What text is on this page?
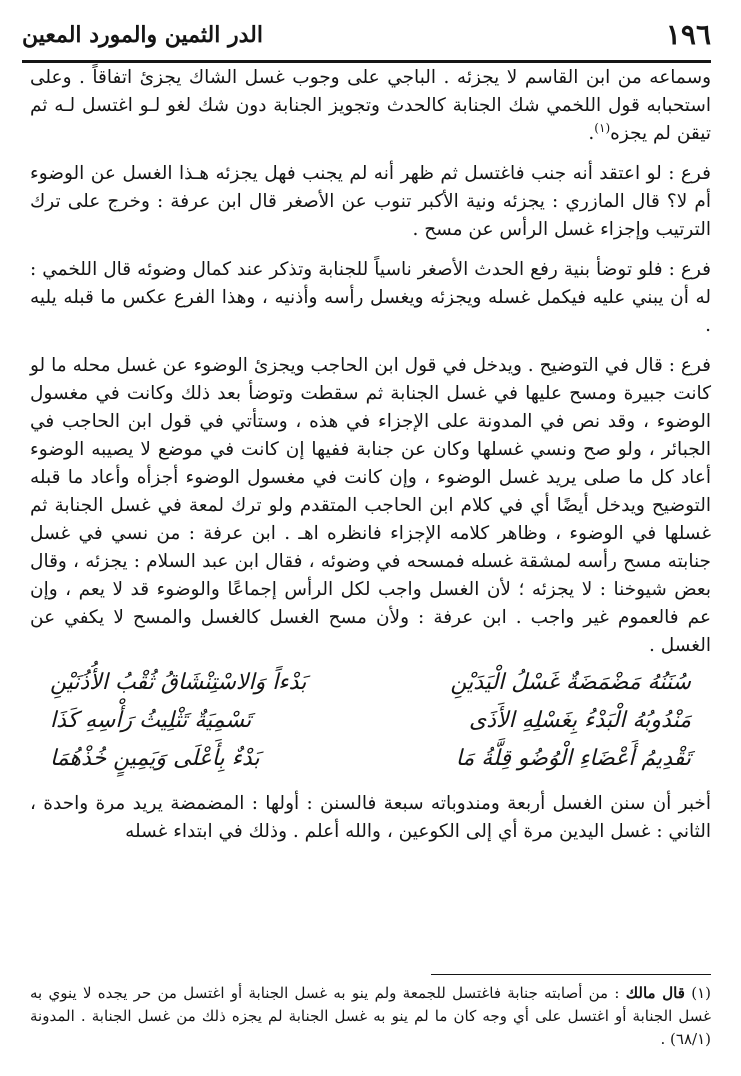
١٩٦
الدر الثمين والمورد المعين

وسماعه من ابن القاسم لا يجزئه . الباجي على وجوب غسل الشاك يجزئ اتفاقاً . وعلى استحبابه قول اللخمي شك الجنابة كالحدث وتجويز الجنابة دون شك لغو لـو اغتسل لـه ثم تيقن لم يجزه$^{(١)}$.

فرع : لو اعتقد أنه جنب فاغتسل ثم ظهر أنه لم يجنب فهل يجزئه هـذا الغسل عن الوضوء أم لا؟ قال المازري : يجزئه ونية الأكبر تنوب عن الأصغر قال ابن عرفة : وخرج على ترك الترتيب وإجزاء غسل الرأس عن مسح .

فرع : فلو توضأ بنية رفع الحدث الأصغر ناسياً للجنابة وتذكر عند كمال وضوئه قال اللخمي : له أن يبني عليه فيكمل غسله ويجزئه ويغسل رأسه وأذنيه ، وهذا الفرع عكس ما قبله يليه .

فرع : قال في التوضيح . ويدخل في قول ابن الحاجب ويجزئ الوضوء عن غسل محله ما لو كانت جبيرة ومسح عليها في غسل الجنابة ثم سقطت وتوضأ بعد ذلك وكانت في مغسول الوضوء ، وقد نص في المدونة على الإجزاء في هذه ، وستأتي في قول ابن الحاجب في الجبائر ، ولو صح ونسي غسلها وكان عن جنابة ففيها إن كانت في موضع لا يصيبه الوضوء أعاد كل ما صلى يريد غسل الوضوء ، وإن كانت في مغسول الوضوء أجزأه وأعاد ما قبله التوضيح ويدخل أيضًا أي في كلام ابن الحاجب المتقدم ولو ترك لمعة في غسل الجنابة ثم غسلها في الوضوء ، وظاهر كلامه الإجزاء فانظره اهـ . ابن عرفة : من نسي في غسل جنابته مسح رأسه لمشقة غسله فمسحه في وضوئه ، فقال ابن عبد السلام : يجزئه ، وقال بعض شيوخنا : لا يجزئه ؛ لأن الغسل واجب لكل الرأس إجماعًا والوضوء قد لا يعم ، وإن عم فالعموم غير واجب . ابن عرفة : ولأن مسح الغسل كالغسل والمسح لا يكفي عن الغسل .

سُنَنُهُ مَضْمَضَةٌ غَسْلُ الْيَدَيْنِ
بَدْءاً وَالاسْتِنْشَاقُ ثُقْبُ الأُذُنَيْنِ
مَنْدُوبُهُ الْبَدْءُ بِغَسْلِهِ الأَذَى
تَسْمِيَةٌ تَثْلِيثُ رَأْسِهِ كَذَا
تَقْدِيمُ أَعْضَاءِ الْوُضُو قِلَّةُ مَا
بَدْءٌ بِأَعْلَى وَيَمِينٍ خُذْهُمَا

أخبر أن سنن الغسل أربعة ومندوباته سبعة فالسنن : أولها : المضمضة يريد مرة واحدة ، الثاني : غسل اليدين مرة أي إلى الكوعين ، والله أعلم . وذلك في ابتداء غسله

(١) قال مالك : من أصابته جنابة فاغتسل للجمعة ولم ينو به غسل الجنابة أو اغتسل من حر يجده لا ينوي به غسل الجنابة أو اغتسل على أي وجه كان ما لم ينو به غسل الجنابة لم يجزه ذلك من غسل الجنابة . المدونة (٦٨/١) .
